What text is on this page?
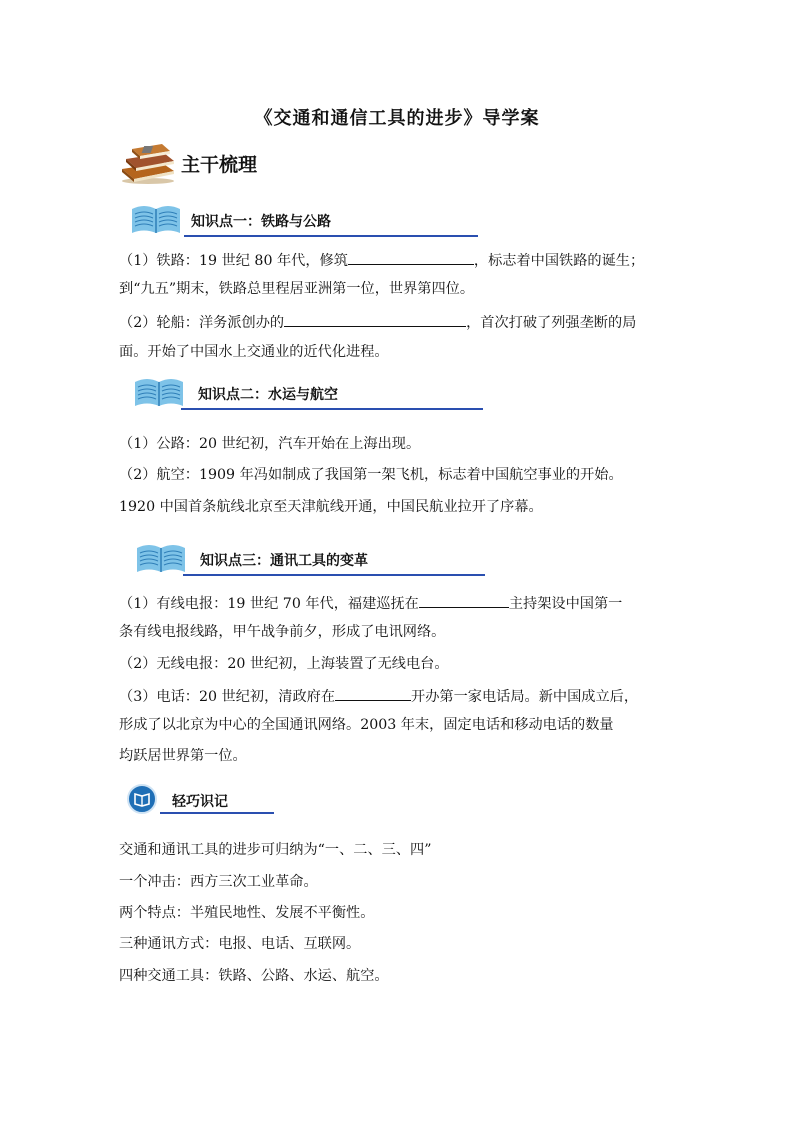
《交通和通信工具的进步》导学案
主干梳理
知识点一：铁路与公路
（1）铁路：19 世纪 80 年代，修筑	，标志着中国铁路的诞生；
到“九五”期末，铁路总里程居亚洲第一位，世界第四位。
（2）轮船：洋务派创办的	，首次打破了列强垄断的局
面。开始了中国水上交通业的近代化进程。
知识点二：水运与航空
（1）公路：20 世纪初，汽车开始在上海出现。
（2）航空：1909 年冯如制成了我国第一架飞机，标志着中国航空事业的开始。
1920 中国首条航线北京至天津航线开通，中国民航业拉开了序幕。
知识点三：通讯工具的变革
（1）有线电报：19 世纪 70 年代，福建巡抚在	主持架设中国第一
条有线电报线路，甲午战争前夕，形成了电讯网络。
（2）无线电报：20 世纪初，上海装置了无线电台。
（3）电话：20 世纪初，清政府在	开办第一家电话局。新中国成立后，
形成了以北京为中心的全国通讯网络。2003 年末，固定电话和移动电话的数量
均跃居世界第一位。
轻巧识记
交通和通讯工具的进步可归纳为“一、二、三、四”
一个冲击：西方三次工业革命。
两个特点：半殖民地性、发展不平衡性。
三种通讯方式：电报、电话、互联网。
四种交通工具：铁路、公路、水运、航空。
